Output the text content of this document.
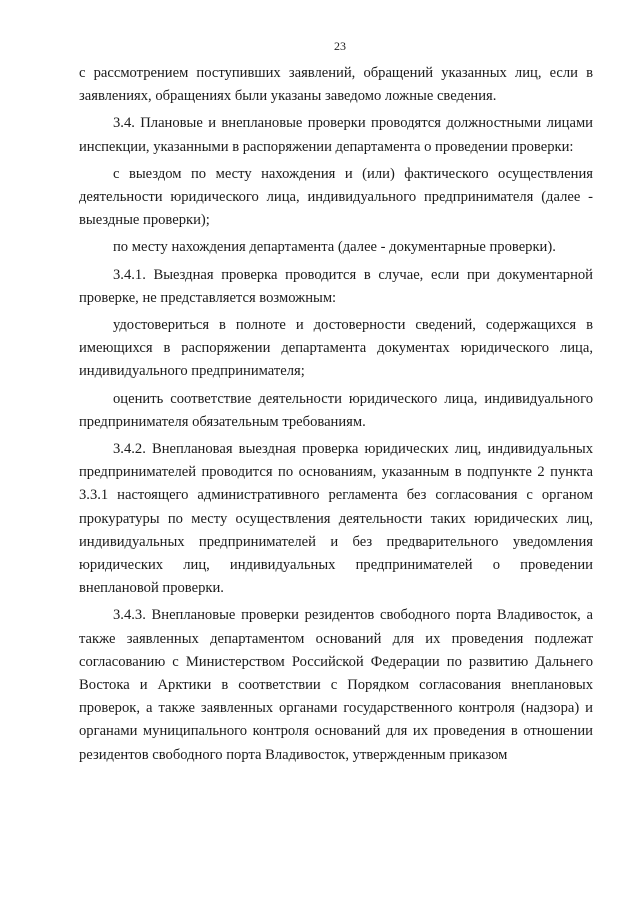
23

с рассмотрением поступивших заявлений, обращений указанных лиц, если в заявлениях, обращениях были указаны заведомо ложные сведения.

3.4. Плановые и внеплановые проверки проводятся должностными лицами инспекции, указанными в распоряжении департамента о проведении проверки:

с выездом по месту нахождения и (или) фактического осуществления деятельности юридического лица, индивидуального предпринимателя (далее - выездные проверки);

по месту нахождения департамента (далее - документарные проверки).

3.4.1. Выездная проверка проводится в случае, если при документарной проверке, не представляется возможным:

удостовериться в полноте и достоверности сведений, содержащихся в имеющихся в распоряжении департамента документах юридического лица, индивидуального предпринимателя;

оценить соответствие деятельности юридического лица, индивидуального предпринимателя обязательным требованиям.

3.4.2. Внеплановая выездная проверка юридических лиц, индивидуальных предпринимателей проводится по основаниям, указанным в подпункте 2 пункта 3.3.1 настоящего административного регламента без согласования с органом прокуратуры по месту осуществления деятельности таких юридических лиц, индивидуальных предпринимателей и без предварительного уведомления юридических лиц, индивидуальных предпринимателей о проведении внеплановой проверки.

3.4.3. Внеплановые проверки резидентов свободного порта Владивосток, а также заявленных департаментом оснований для их проведения подлежат согласованию с Министерством Российской Федерации по развитию Дальнего Востока и Арктики в соответствии с Порядком согласования внеплановых проверок, а также заявленных органами государственного контроля (надзора) и органами муниципального контроля оснований для их проведения в отношении резидентов свободного порта Владивосток, утвержденным приказом
